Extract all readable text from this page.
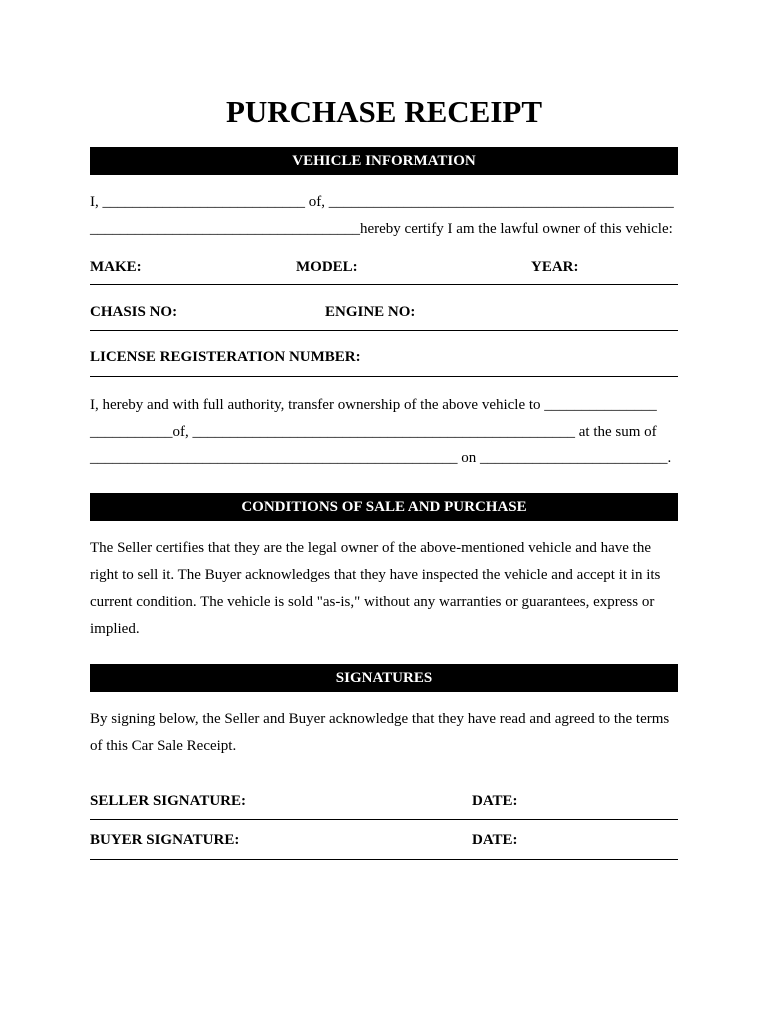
PURCHASE RECEIPT
VEHICLE INFORMATION
I, ___________________________ of, ______________________________________________
____________________________________hereby certify I am the lawful owner of this vehicle:
MAKE:	MODEL:	YEAR:
CHASIS NO:	ENGINE NO:
LICENSE REGISTERATION NUMBER:
I, hereby and with full authority, transfer ownership of the above vehicle to _______________
___________of, ___________________________________________________ at the sum of
_________________________________________________ on _________________________.
CONDITIONS OF SALE AND PURCHASE
The Seller certifies that they are the legal owner of the above-mentioned vehicle and have the right to sell it. The Buyer acknowledges that they have inspected the vehicle and accept it in its current condition. The vehicle is sold "as-is," without any warranties or guarantees, express or implied.
SIGNATURES
By signing below, the Seller and Buyer acknowledge that they have read and agreed to the terms of this Car Sale Receipt.
SELLER SIGNATURE:	DATE:
BUYER SIGNATURE:	DATE:
